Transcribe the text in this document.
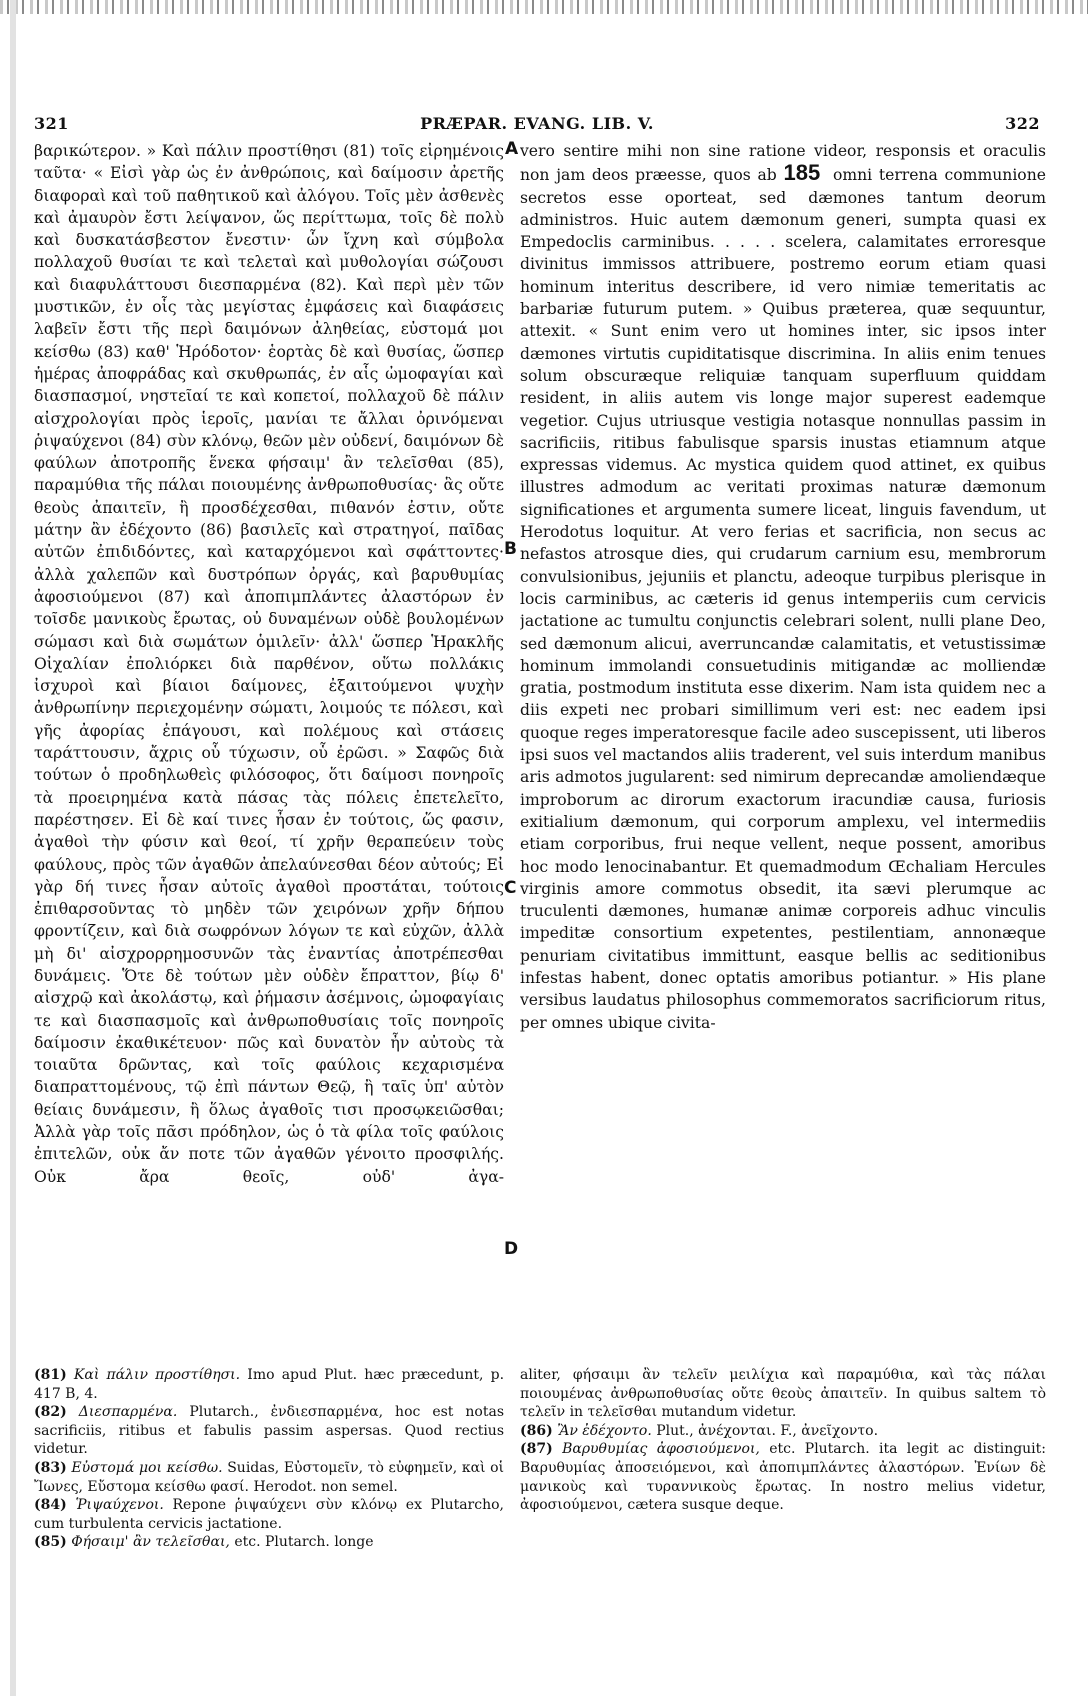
321	PRÆPAR. EVANG. LIB. V.	322
A
B
C
D

βαρικώτερον. » Καὶ πάλιν προστίθησι (81) τοῖς εἰρημένοις ταῦτα· « Εἰσὶ γὰρ ὡς ἐν ἀνθρώποις, καὶ δαίμοσιν ἀρετῆς διαφοραὶ καὶ τοῦ παθητικοῦ καὶ ἀλόγου. Τοῖς μὲν ἀσθενὲς καὶ ἀμαυρὸν ἔστι λείψανον, ὥς περίττωμα, τοῖς δὲ πολὺ καὶ δυσκατάσβεστον ἔνεστιν· ὧν ἴχνη καὶ σύμβολα πολλαχοῦ θυσίαι τε καὶ τελεταὶ καὶ μυθολογίαι σώζουσι καὶ διαφυλάττουσι διεσπαρμένα (82). Καὶ περὶ μὲν τῶν μυστικῶν, ἐν οἷς τὰς μεγίστας ἐμφάσεις καὶ διαφάσεις λαβεῖν ἔστι τῆς περὶ δαιμόνων ἀληθείας, εὐστομά μοι κείσθω (83) καθ' Ἡρόδοτον· ἑορτὰς δὲ καὶ θυσίας, ὥσπερ ἡμέρας ἀποφράδας καὶ σκυθρωπάς, ἐν αἷς ὠμοφαγίαι καὶ διασπασμοί, νηστεῖαί τε καὶ κοπετοί, πολλαχοῦ δὲ πάλιν αἰσχρολογίαι πρὸς ἱεροῖς, μανίαι τε ἄλλαι ὀρινόμεναι ῥιψαύχενοι (84) σὺν κλόνῳ, θεῶν μὲν οὐδενί, δαιμόνων δὲ φαύλων ἀποτροπῆς ἕνεκα φήσαιμ' ἂν τελεῖσθαι (85), παραμύθια τῆς πάλαι ποιουμένης ἀνθρωποθυσίας· ἃς οὔτε θεοὺς ἀπαιτεῖν, ἢ προσδέχεσθαι, πιθανόν ἐστιν, οὔτε μάτην ἂν ἐδέχοντο (86) βασιλεῖς καὶ στρατηγοί, παῖδας αὐτῶν ἐπιδιδόντες, καὶ καταρχόμενοι καὶ σφάττοντες· ἀλλὰ χαλεπῶν καὶ δυστρόπων ὀργάς, καὶ βαρυθυμίας ἀφοσιούμενοι (87) καὶ ἀποπιμπλάντες ἀλαστόρων ἐν τοῖσδε μανικοὺς ἔρωτας, οὐ δυναμένων οὐδὲ βουλομένων σώμασι καὶ διὰ σωμάτων ὁμιλεῖν· ἀλλ' ὥσπερ Ἡρακλῆς Οἰχαλίαν ἐπολιόρκει διὰ παρθένον, οὕτω πολλάκις ἰσχυροὶ καὶ βίαιοι δαίμονες, ἐξαιτούμενοι ψυχὴν ἀνθρωπίνην περιεχομένην σώματι, λοιμούς τε πόλεσι, καὶ γῆς ἀφορίας ἐπάγουσι, καὶ πολέμους καὶ στάσεις ταράττουσιν, ἄχρις οὗ τύχωσιν, οὗ ἐρῶσι. » Σαφῶς διὰ τούτων ὁ προδηλωθεὶς φιλόσοφος, ὅτι δαίμοσι πονηροῖς τὰ προειρημένα κατὰ πάσας τὰς πόλεις ἐπετελεῖτο, παρέστησεν. Εἰ δὲ καί τινες ἦσαν ἐν τούτοις, ὥς φασιν, ἀγαθοὶ τὴν φύσιν καὶ θεοί, τί χρῆν θεραπεύειν τοὺς φαύλους, πρὸς τῶν ἀγαθῶν ἀπελαύνεσθαι δέον αὐτούς; Εἰ γὰρ δή τινες ἦσαν αὐτοῖς ἀγαθοὶ προστάται, τούτοις ἐπιθαρσοῦντας τὸ μηδὲν τῶν χειρόνων χρῆν δήπου φροντίζειν, καὶ διὰ σωφρόνων λόγων τε καὶ εὐχῶν, ἀλλὰ μὴ δι' αἰσχρορρημοσυνῶν τὰς ἐναντίας ἀποτρέπεσθαι δυνάμεις. Ὅτε δὲ τούτων μὲν οὐδὲν ἔπραττον, βίῳ δ' αἰσχρῷ καὶ ἀκολάστῳ, καὶ ῥήμασιν ἀσέμνοις, ὠμοφαγίαις τε καὶ διασπασμοῖς καὶ ἀνθρωποθυσίαις τοῖς πονηροῖς δαίμοσιν ἐκαθικέτευον· πῶς καὶ δυνατὸν ἦν αὐτοὺς τὰ τοιαῦτα δρῶντας, καὶ τοῖς φαύλοις κεχαρισμένα διαπραττομένους, τῷ ἐπὶ πάντων Θεῷ, ἢ ταῖς ὑπ' αὐτὸν θείαις δυνάμεσιν, ἢ ὅλως ἀγαθοῖς τισι προσῳκειῶσθαι; Ἀλλὰ γὰρ τοῖς πᾶσι πρόδηλον, ὡς ὁ τὰ φίλα τοῖς φαύλοις ἐπιτελῶν, οὐκ ἄν ποτε τῶν ἀγαθῶν γένοιτο προσφιλής. Οὐκ ἄρα θεοῖς, οὐδ' ἀγα-

vero sentire mihi non sine ratione videor, responsis et oraculis non jam deos præesse, quos ab 185 omni terrena communione secretos esse oporteat, sed dæmones tantum deorum administros. Huic autem dæmonum generi, sumpta quasi ex Empedoclis carminibus. . . . . scelera, calamitates erroresque divinitus immissos attribuere, postremo eorum etiam quasi hominum interitus describere, id vero nimiæ temeritatis ac barbariæ futurum putem. » Quibus præterea, quæ sequuntur, attexit. « Sunt enim vero ut homines inter, sic ipsos inter dæmones virtutis cupiditatisque discrimina. In aliis enim tenues solum obscuræque reliquiæ tanquam superfluum quiddam resident, in aliis autem vis longe major superest eademque vegetior. Cujus utriusque vestigia notasque nonnullas passim in sacrificiis, ritibus fabulisque sparsis inustas etiamnum atque expressas videmus. Ac mystica quidem quod attinet, ex quibus illustres admodum ac veritati proximas naturæ dæmonum significationes et argumenta sumere liceat, linguis favendum, ut Herodotus loquitur. At vero ferias et sacrificia, non secus ac nefastos atrosque dies, qui crudarum carnium esu, membrorum convulsionibus, jejuniis et planctu, adeoque turpibus plerisque in locis carminibus, ac cæteris id genus intemperiis cum cervicis jactatione ac tumultu conjunctis celebrari solent, nulli plane Deo, sed dæmonum alicui, averruncandæ calamitatis, et vetustissimæ hominum immolandi consuetudinis mitigandæ ac molliendæ gratia, postmodum instituta esse dixerim. Nam ista quidem nec a diis expeti nec probari simillimum veri est: nec eadem ipsi quoque reges imperatoresque facile adeo suscepissent, uti liberos ipsi suos vel mactandos aliis traderent, vel suis interdum manibus aris admotos jugularent: sed nimirum deprecandæ amoliendæque improborum ac dirorum exactorum iracundiæ causa, furiosis exitialium dæmonum, qui corporum amplexu, vel intermediis etiam corporibus, frui neque vellent, neque possent, amoribus hoc modo lenocinabantur. Et quemadmodum Œchaliam Hercules virginis amore commotus obsedit, ita sævi plerumque ac truculenti dæmones, humanæ animæ corporeis adhuc vinculis impeditæ consortium expetentes, pestilentiam, annonæque penuriam civitatibus immittunt, easque bellis ac seditionibus infestas habent, donec optatis amoribus potiantur. » His plane versibus laudatus philosophus commemoratos sacrificiorum ritus, per omnes ubique civita-

(81) Καὶ πάλιν προστίθησι. Imo apud Plut. hæc præcedunt, p. 417 B, 4.

(82) Διεσπαρμένα. Plutarch., ἐνδιεσπαρμένα, hoc est notas sacrificiis, ritibus et fabulis passim aspersas. Quod rectius videtur.

(83) Εὐστομά μοι κείσθω. Suidas, Εὐστομεῖν, τὸ εὐφημεῖν, καὶ οἱ Ἴωνες, Εὔστομα κείσθω φασί. Herodot. non semel.

(84) Ῥιψαύχενοι. Repone ῥιψαύχενι σὺν κλόνῳ ex Plutarcho, cum turbulenta cervicis jactatione.

(85) Φήσαιμ' ἂν τελεῖσθαι, etc. Plutarch. longe

aliter, φήσαιμι ἂν τελεῖν μειλίχια καὶ παραμύθια, καὶ τὰς πάλαι ποιουμένας ἀνθρωποθυσίας οὔτε θεοὺς ἀπαιτεῖν. In quibus saltem τὸ τελεῖν in τελεῖσθαι mutandum videtur.

(86) Ἂν ἐδέχοντο. Plut., ἀνέχονται. F., ἀνεῖχοντο.

(87) Βαρυθυμίας ἀφοσιούμενοι, etc. Plutarch. ita legit ac distinguit: Βαρυθυμίας ἀποσειόμενοι, καὶ ἀποπιμπλάντες ἀλαστόρων. Ἐνίων δὲ μανικοὺς καὶ τυραννικοὺς ἔρωτας. In nostro melius videtur, ἀφοσιούμενοι, cætera susque deque.
